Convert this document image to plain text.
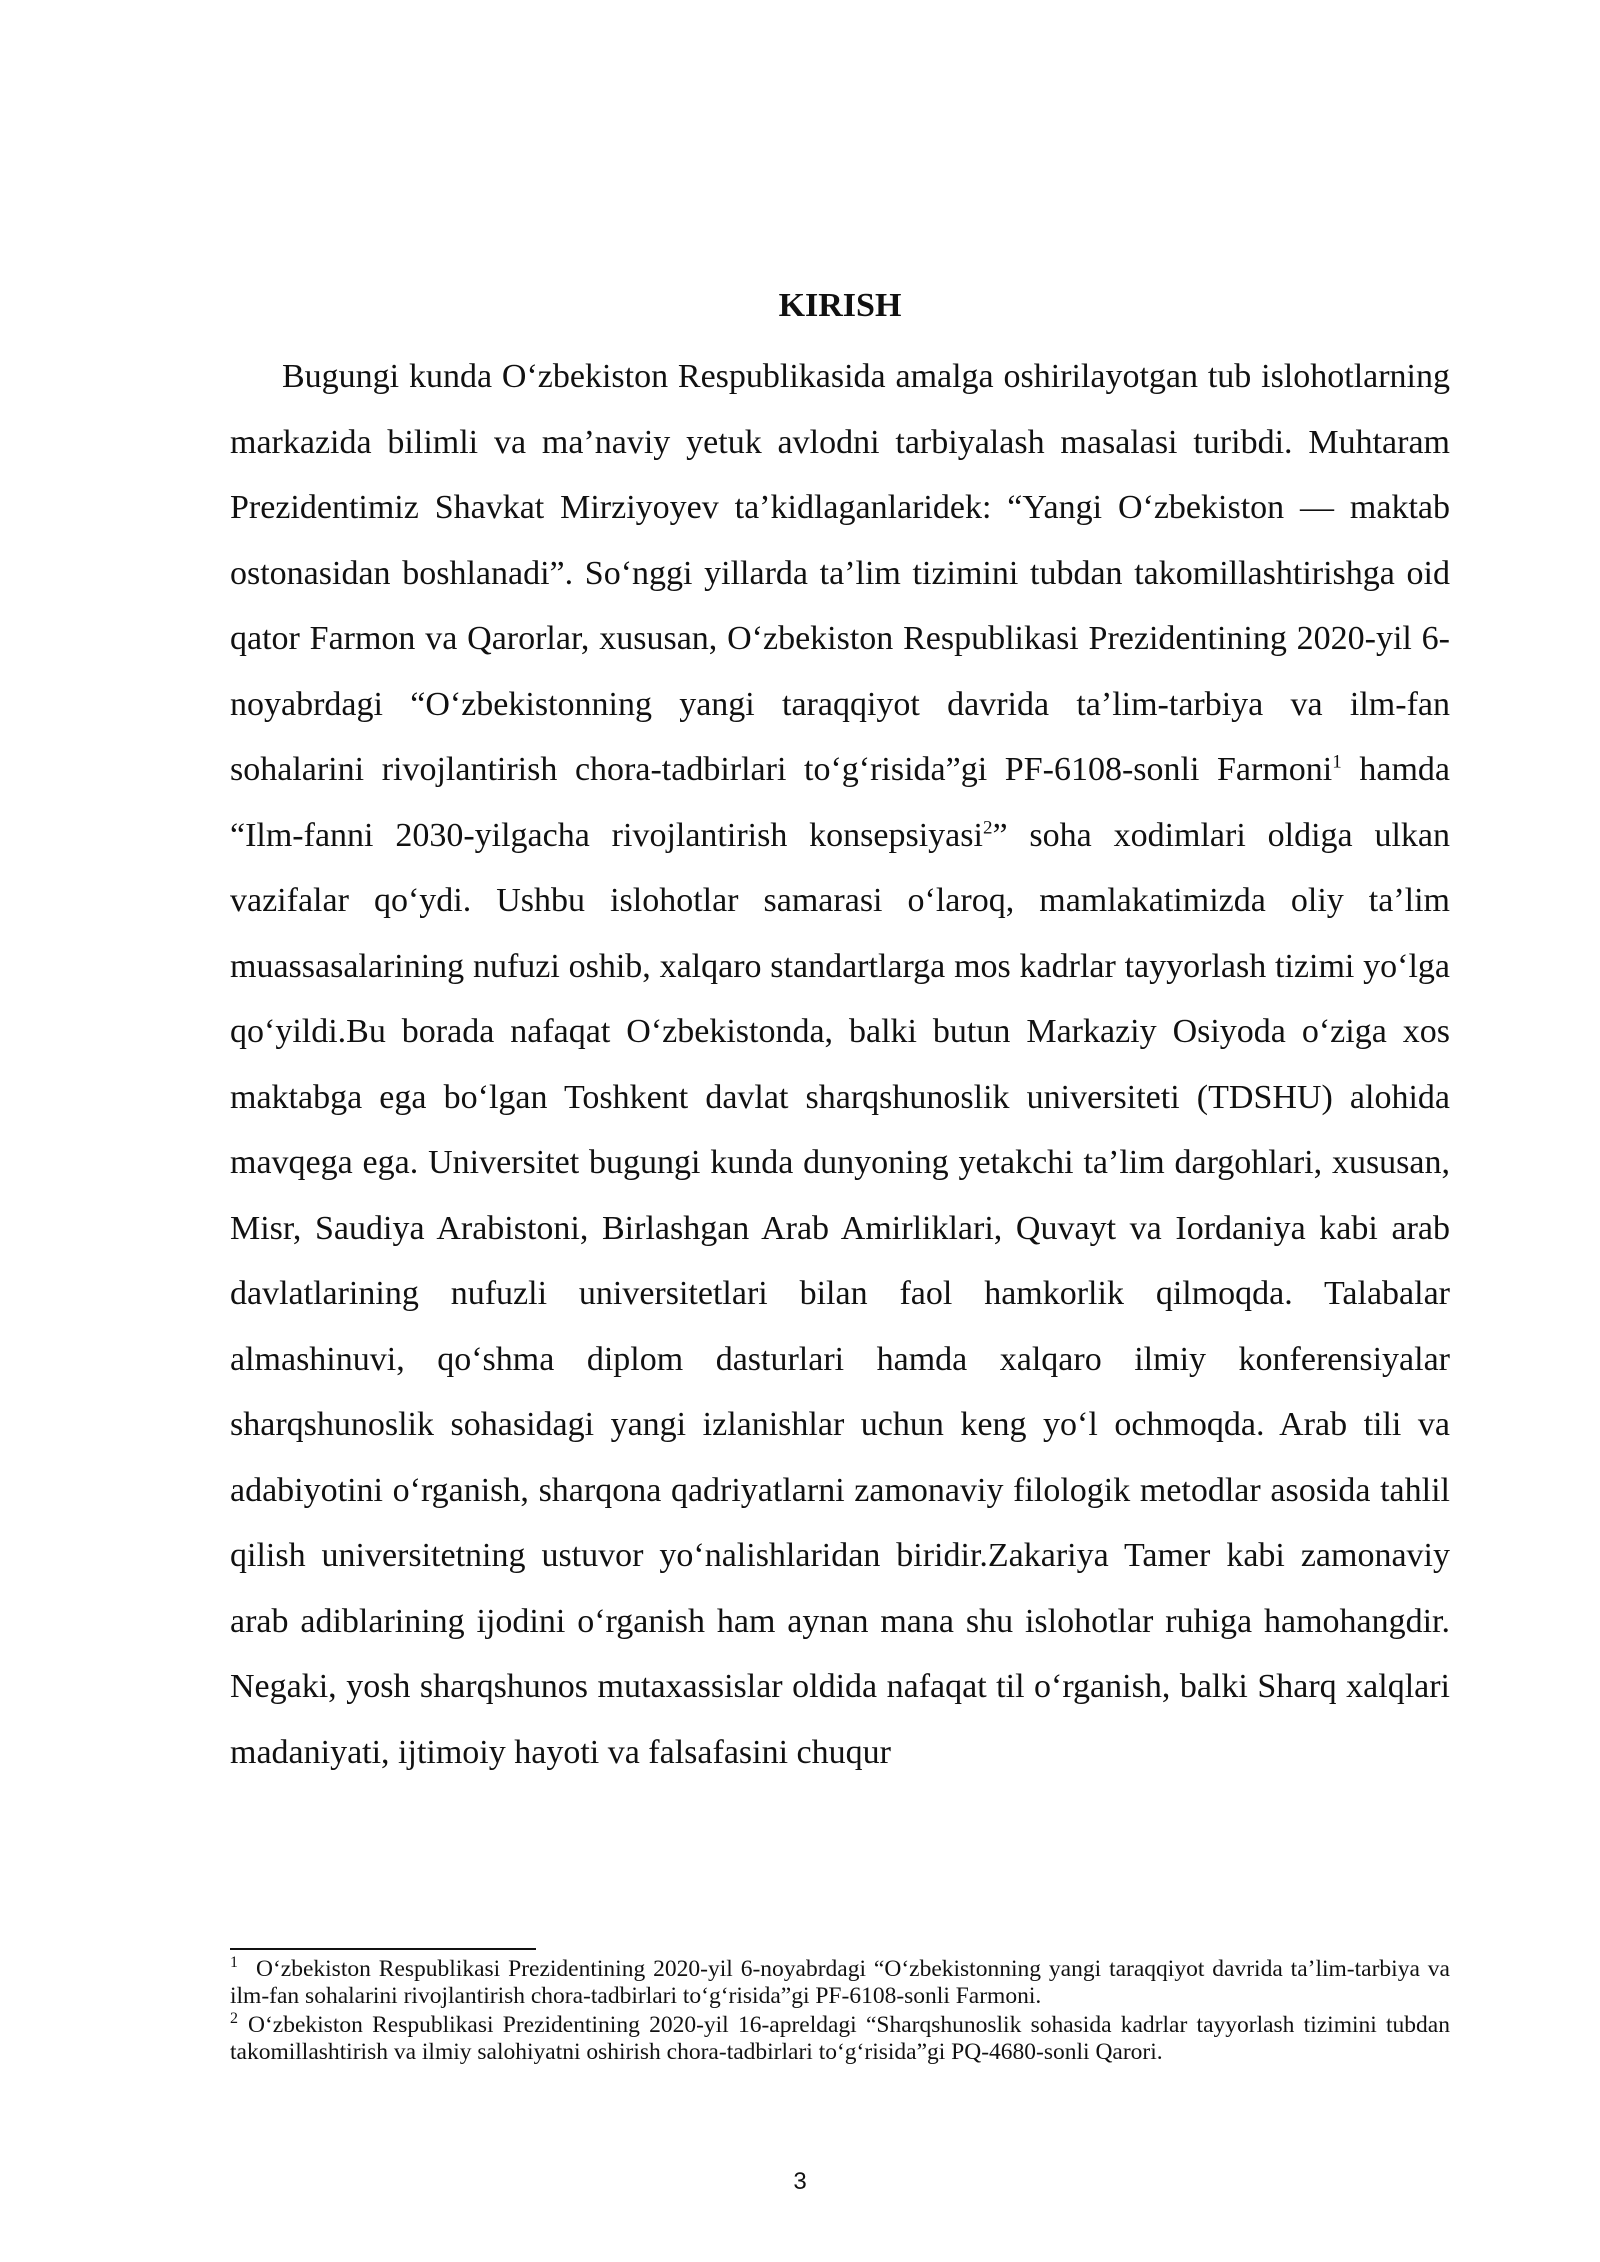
KIRISH

Bugungi kunda O‘zbekiston Respublikasida amalga oshirilayotgan tub islohotlarning markazida bilimli va ma’naviy yetuk avlodni tarbiyalash masalasi turibdi. Muhtaram Prezidentimiz Shavkat Mirziyoyev ta’kidlaganlaridek: “Yangi O‘zbekiston — maktab ostonasidan boshlanadi”. So‘nggi yillarda ta’lim tizimini tubdan takomillashtirishga oid qator Farmon va Qarorlar, xususan, O‘zbekiston Respublikasi Prezidentining 2020-yil 6-noyabrdagi “O‘zbekistonning yangi taraqqiyot davrida ta’lim-tarbiya va ilm-fan sohalarini rivojlantirish chora-tadbirlari to‘g‘risida”gi PF-6108-sonli Farmoni$^1$ hamda “Ilm-fanni 2030-yilgacha rivojlantirish konsepsiyasi$^2$” soha xodimlari oldiga ulkan vazifalar qo‘ydi. Ushbu islohotlar samarasi o‘laroq, mamlakatimizda oliy ta’lim muassasalarining nufuzi oshib, xalqaro standartlarga mos kadrlar tayyorlash tizimi yo‘lga qo‘yildi.Bu borada nafaqat O‘zbekistonda, balki butun Markaziy Osiyoda o‘ziga xos maktabga ega bo‘lgan Toshkent davlat sharqshunoslik universiteti (TDSHU) alohida mavqega ega. Universitet bugungi kunda dunyoning yetakchi ta’lim dargohlari, xususan, Misr, Saudiya Arabistoni, Birlashgan Arab Amirliklari, Quvayt va Iordaniya kabi arab davlatlarining nufuzli universitetlari bilan faol hamkorlik qilmoqda. Talabalar almashinuvi, qo‘shma diplom dasturlari hamda xalqaro ilmiy konferensiyalar sharqshunoslik sohasidagi yangi izlanishlar uchun keng yo‘l ochmoqda. Arab tili va adabiyotini o‘rganish, sharqona qadriyatlarni zamonaviy filologik metodlar asosida tahlil qilish universitetning ustuvor yo‘nalishlaridan biridir.Zakariya Tamer kabi zamonaviy arab adiblarining ijodini o‘rganish ham aynan mana shu islohotlar ruhiga hamohangdir. Negaki, yosh sharqshunos mutaxassislar oldida nafaqat til o‘rganish, balki Sharq xalqlari madaniyati, ijtimoiy hayoti va falsafasini chuqur

$^1$ O‘zbekiston Respublikasi Prezidentining 2020-yil 6-noyabrdagi “O‘zbekistonning yangi taraqqiyot davrida ta’lim-tarbiya va ilm-fan sohalarini rivojlantirish chora-tadbirlari to‘g‘risida”gi PF-6108-sonli Farmoni.

$^2$ O‘zbekiston Respublikasi Prezidentining 2020-yil 16-apreldagi “Sharqshunoslik sohasida kadrlar tayyorlash tizimini tubdan takomillashtirish va ilmiy salohiyatni oshirish chora-tadbirlari to‘g‘risida”gi PQ-4680-sonli Qarori.

3
